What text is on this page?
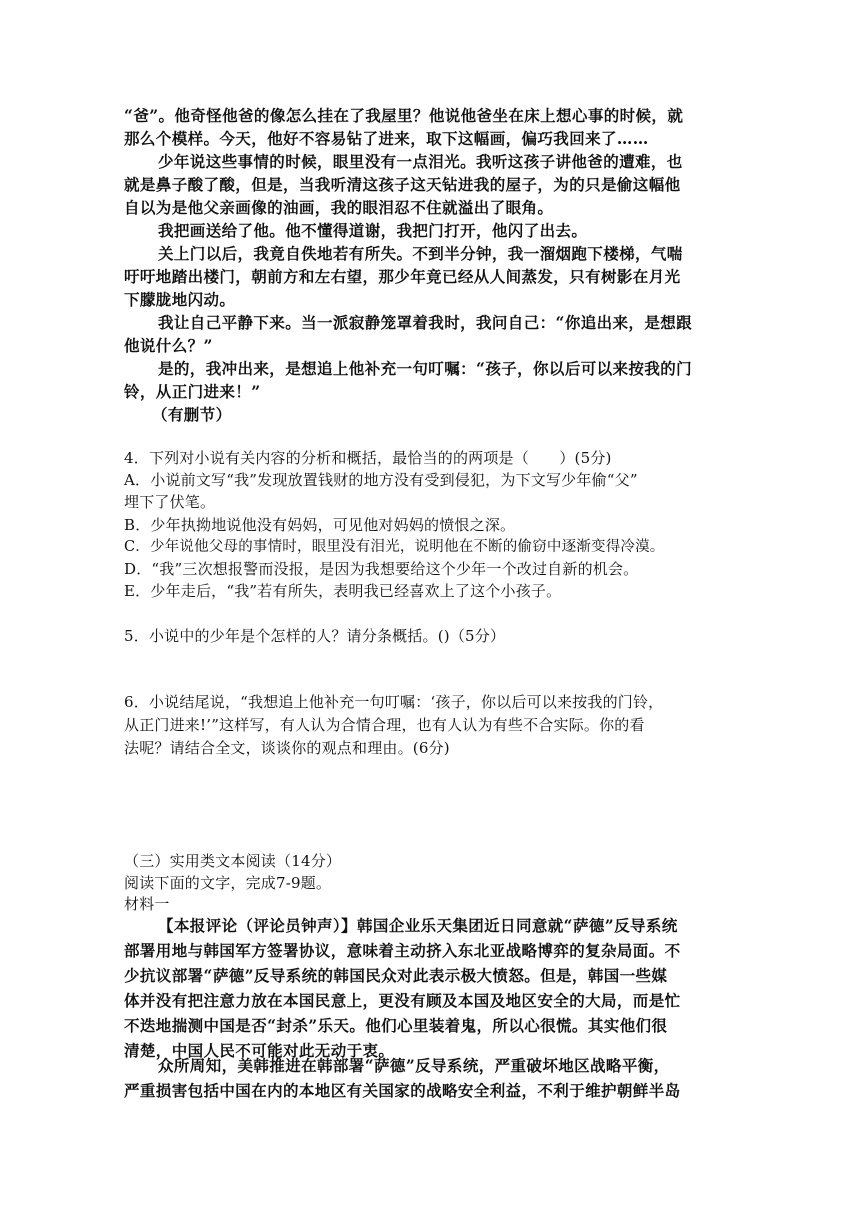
“爸”。他奇怪他爸的像怎么挂在了我屋里？他说他爸坐在床上想心事的时候，就

那么个模样。今天，他好不容易钻了进来，取下这幅画，偏巧我回来了……

少年说这些事情的时候，眼里没有一点泪光。我听这孩子讲他爸的遭难，也

就是鼻子酸了酸，但是，当我听清这孩子这天钻进我的屋子，为的只是偷这幅他

自以为是他父亲画像的油画，我的眼泪忍不住就溢出了眼角。

我把画送给了他。他不懂得道谢，我把门打开，他闪了出去。

关上门以后，我竟自佚地若有所失。不到半分钟，我一溜烟跑下楼梯，气喘

吁吁地踏出楼门，朝前方和左右望，那少年竟已经从人间蒸发，只有树影在月光

下朦胧地闪动。

我让自己平静下来。当一派寂静笼罩着我时，我问自己：“你追出来，是想跟

他说什么？”

是的，我冲出来，是想追上他补充一句叮嘱：“孩子，你以后可以来按我的门

铃，从正门进来！”

（有删节）

4．下列对小说有关内容的分析和概括，最恰当的的两项是（　　）(5分)

A．小说前文写“我”发现放置钱财的地方没有受到侵犯，为下文写少年偷“父”

埋下了伏笔。

B．少年执拗地说他没有妈妈，可见他对妈妈的愤恨之深。

C．少年说他父母的事情时，眼里没有泪光，说明他在不断的偷窃中逐渐变得冷漠。

D．“我”三次想报警而没报，是因为我想要给这个少年一个改过自新的机会。

E．少年走后，“我”若有所失，表明我已经喜欢上了这个小孩子。

5．小说中的少年是个怎样的人？请分条概括。()（5分）

6．小说结尾说，“我想追上他补充一句叮嘱：‘孩子，你以后可以来按我的门铃，

从正门进来!’”这样写，有人认为合情合理，也有人认为有些不合实际。你的看

法呢？请结合全文，谈谈你的观点和理由。(6分)

（三）实用类文本阅读（14分）

阅读下面的文字，完成7-9题。

材料一

【本报评论（评论员钟声）】韩国企业乐天集团近日同意就“萨德”反导系统

部署用地与韩国军方签署协议，意味着主动挤入东北亚战略博弈的复杂局面。不

少抗议部署“萨德”反导系统的韩国民众对此表示极大愤怒。但是，韩国一些媒

体并没有把注意力放在本国民意上，更没有顾及本国及地区安全的大局，而是忙

不迭地揣测中国是否“封杀”乐天。他们心里装着鬼，所以心很慌。其实他们很

清楚，中国人民不可能对此无动于衷。

众所周知，美韩推进在韩部署“萨德”反导系统，严重破坏地区战略平衡，

严重损害包括中国在内的本地区有关国家的战略安全利益，不利于维护朝鲜半岛
